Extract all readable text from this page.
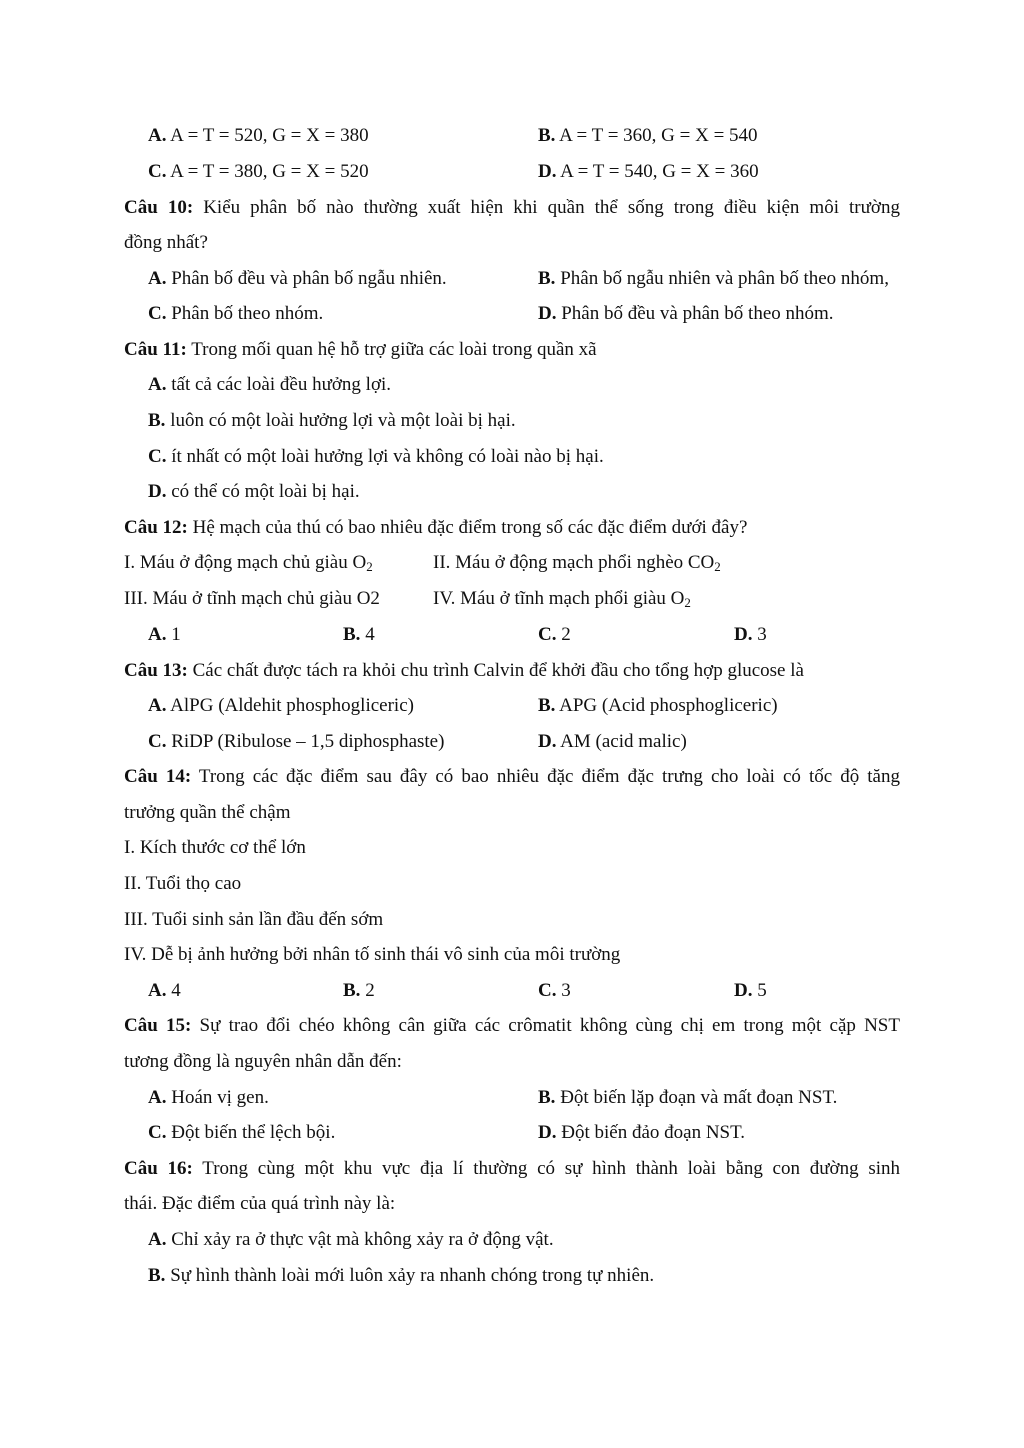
A. A = T = 520, G = X = 380	B. A = T = 360, G = X = 540
C. A = T = 380, G = X = 520	D. A = T = 540, G = X = 360
Câu 10: Kiểu phân bố nào thường xuất hiện khi quần thể sống trong điều kiện môi trường
đồng nhất?
A. Phân bố đều và phân bố ngẫu nhiên.	B. Phân bố ngẫu nhiên và phân bố theo nhóm,
C. Phân bố theo nhóm.	D. Phân bố đều và phân bố theo nhóm.
Câu 11: Trong mối quan hệ hỗ trợ giữa các loài trong quần xã
A. tất cả các loài đều hưởng lợi.
B. luôn có một loài hưởng lợi và một loài bị hại.
C. ít nhất có một loài hưởng lợi và không có loài nào bị hại.
D. có thể có một loài bị hại.
Câu 12: Hệ mạch của thú có bao nhiêu đặc điểm trong số các đặc điểm dưới đây?
I. Máu ở động mạch chủ giàu $O_2$	II. Máu ở động mạch phổi nghèo $CO_2$
III. Máu ở tĩnh mạch chủ giàu O2	IV. Máu ở tĩnh mạch phổi giàu $O_2$
A. 1	B. 4	C. 2	D. 3
Câu 13: Các chất được tách ra khỏi chu trình Calvin để khởi đầu cho tổng hợp glucose là
A. AlPG (Aldehit phosphogliceric)	B. APG (Acid phosphogliceric)
C. RiDP (Ribulose – 1,5 diphosphaste)	D. AM (acid malic)
Câu 14: Trong các đặc điểm sau đây có bao nhiêu đặc điểm đặc trưng cho loài có tốc độ tăng
trưởng quần thể chậm
I. Kích thước cơ thể lớn
II. Tuổi thọ cao
III. Tuổi sinh sản lần đầu đến sớm
IV. Dễ bị ảnh hưởng bởi nhân tố sinh thái vô sinh của môi trường
A. 4	B. 2	C. 3	D. 5
Câu 15: Sự trao đổi chéo không cân giữa các crômatit không cùng chị em trong một cặp NST
tương đồng là nguyên nhân dẫn đến:
A. Hoán vị gen.	B. Đột biến lặp đoạn và mất đoạn NST.
C. Đột biến thể lệch bội.	D. Đột biến đảo đoạn NST.
Câu 16: Trong cùng một khu vực địa lí thường có sự hình thành loài bằng con đường sinh
thái. Đặc điểm của quá trình này là:
A. Chỉ xảy ra ở thực vật mà không xảy ra ở động vật.
B. Sự hình thành loài mới luôn xảy ra nhanh chóng trong tự nhiên.
